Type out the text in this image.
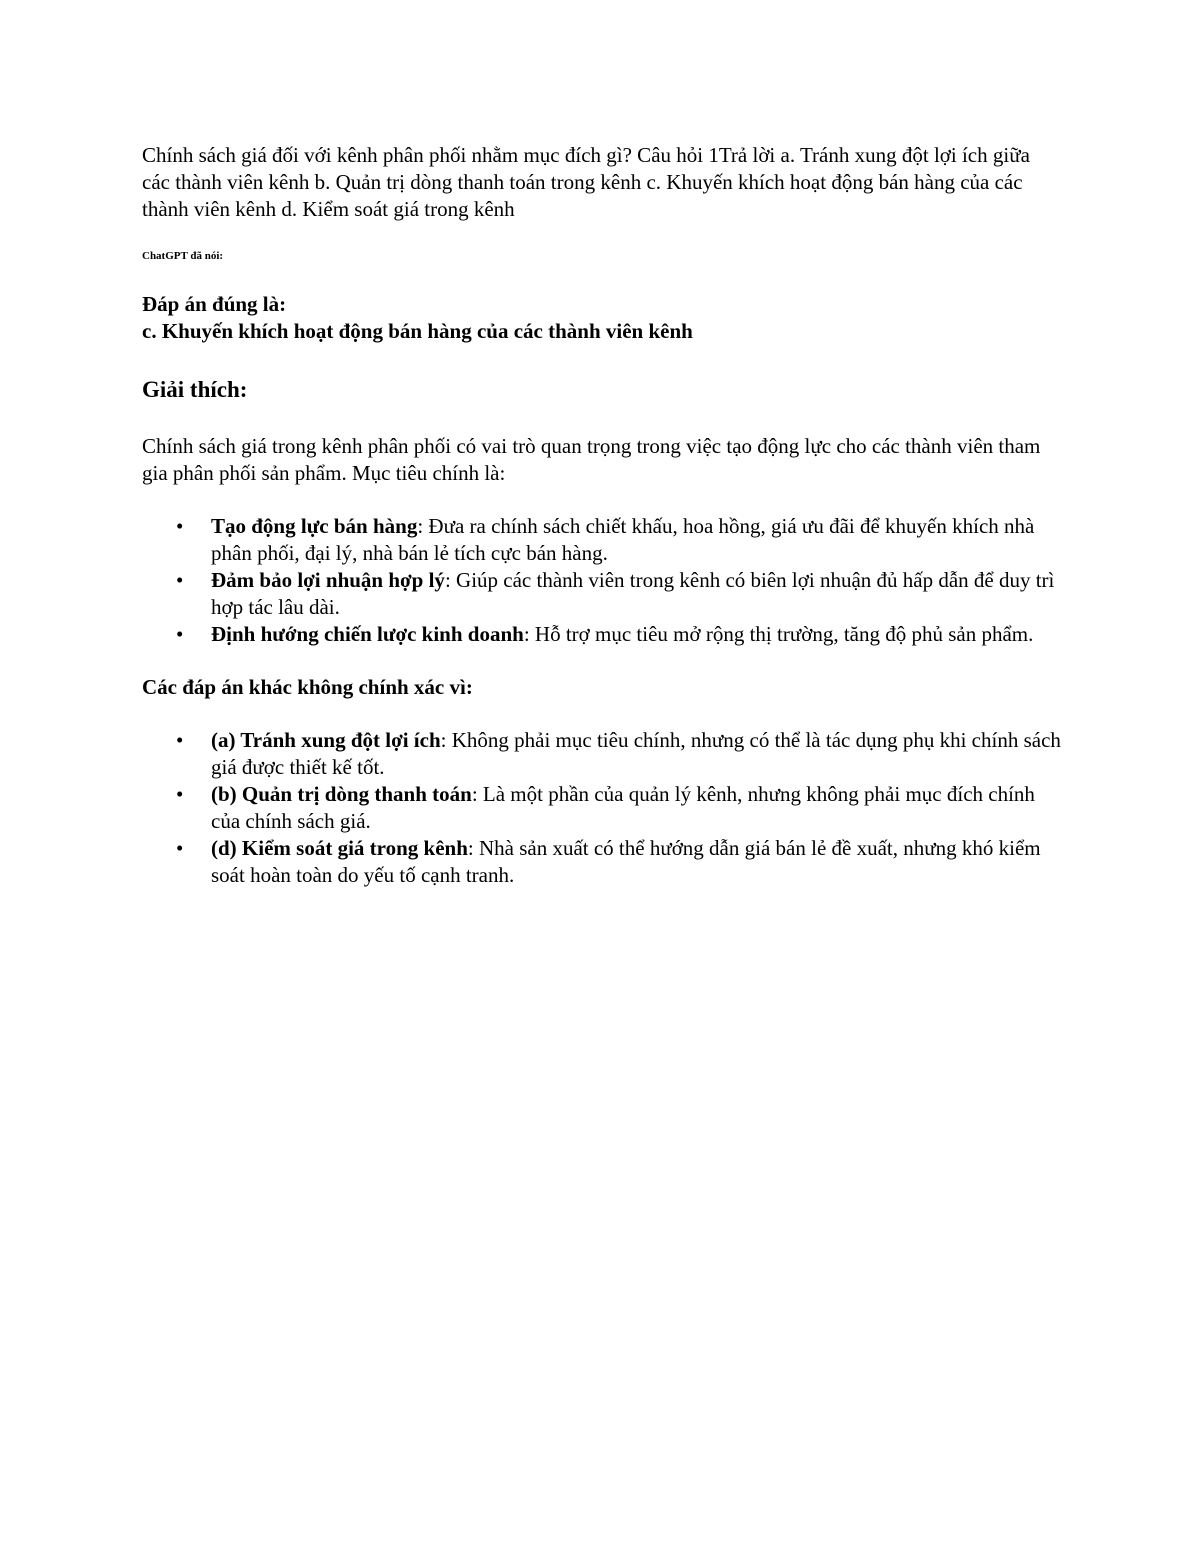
Chính sách giá đối với kênh phân phối nhằm mục đích gì? Câu hỏi 1Trả lời a. Tránh xung đột lợi ích giữa các thành viên kênh b. Quản trị dòng thanh toán trong kênh c. Khuyến khích hoạt động bán hàng của các thành viên kênh d. Kiểm soát giá trong kênh

ChatGPT đã nói:

Đáp án đúng là:
c. Khuyến khích hoạt động bán hàng của các thành viên kênh
Giải thích:

Chính sách giá trong kênh phân phối có vai trò quan trọng trong việc tạo động lực cho các thành viên tham gia phân phối sản phẩm. Mục tiêu chính là:

• Tạo động lực bán hàng: Đưa ra chính sách chiết khấu, hoa hồng, giá ưu đãi để khuyến khích nhà phân phối, đại lý, nhà bán lẻ tích cực bán hàng.
• Đảm bảo lợi nhuận hợp lý: Giúp các thành viên trong kênh có biên lợi nhuận đủ hấp dẫn để duy trì hợp tác lâu dài.
• Định hướng chiến lược kinh doanh: Hỗ trợ mục tiêu mở rộng thị trường, tăng độ phủ sản phẩm.

Các đáp án khác không chính xác vì:

• (a) Tránh xung đột lợi ích: Không phải mục tiêu chính, nhưng có thể là tác dụng phụ khi chính sách giá được thiết kế tốt.
• (b) Quản trị dòng thanh toán: Là một phần của quản lý kênh, nhưng không phải mục đích chính của chính sách giá.
• (d) Kiểm soát giá trong kênh: Nhà sản xuất có thể hướng dẫn giá bán lẻ đề xuất, nhưng khó kiểm soát hoàn toàn do yếu tố cạnh tranh.
